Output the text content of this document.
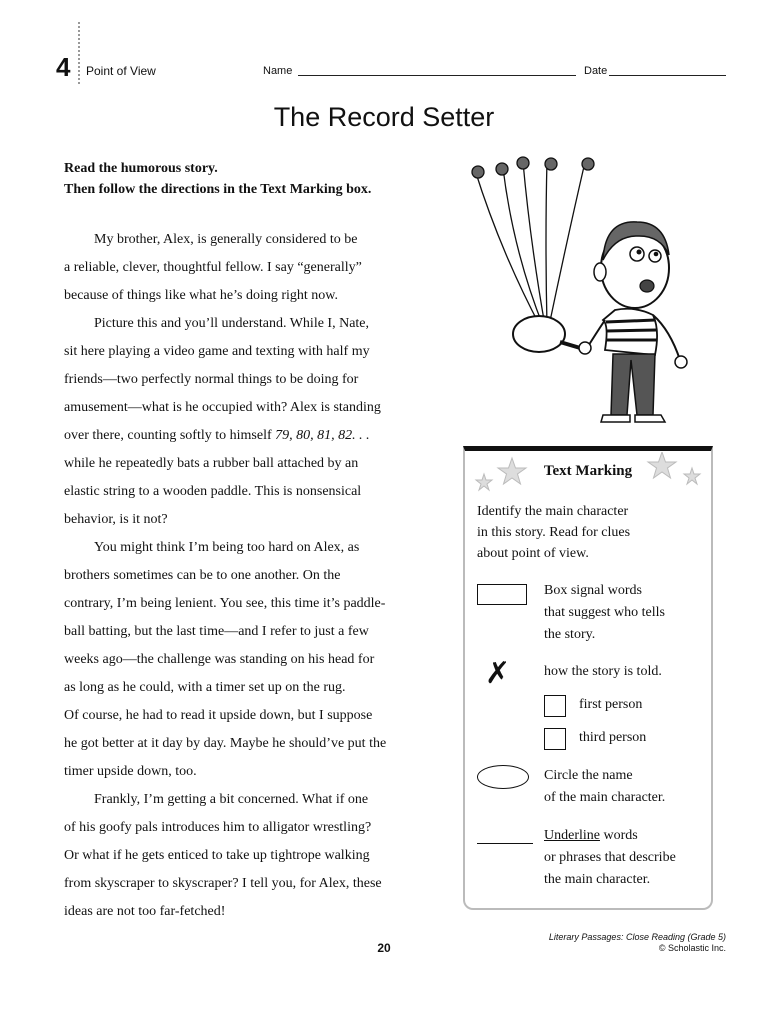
4 Point of View	Name	Date
The Record Setter
Read the humorous story.
Then follow the directions in the Text Marking box.
My brother, Alex, is generally considered to be
a reliable, clever, thoughtful fellow. I say “generally”
because of things like what he’s doing right now.
Picture this and you’ll understand. While I, Nate,
sit here playing a video game and texting with half my
friends—two perfectly normal things to be doing for
amusement—what is he occupied with? Alex is standing
over there, counting softly to himself 79, 80, 81, 82. . .
while he repeatedly bats a rubber ball attached by an
elastic string to a wooden paddle. This is nonsensical
behavior, is it not?
You might think I’m being too hard on Alex, as
brothers sometimes can be to one another. On the
contrary, I’m being lenient. You see, this time it’s paddle-
ball batting, but the last time—and I refer to just a few
weeks ago—the challenge was standing on his head for
as long as he could, with a timer set up on the rug.
Of course, he had to read it upside down, but I suppose
he got better at it day by day. Maybe he should’ve put the
timer upside down, too.
Frankly, I’m getting a bit concerned. What if one
of his goofy pals introduces him to alligator wrestling?
Or what if he gets enticed to take up tightrope walking
from skyscraper to skyscraper? I tell you, for Alex, these
ideas are not too far-fetched!
Text Marking
Identify the main character
in this story. Read for clues
about point of view.
Box signal words
that suggest who tells
the story.
✗ how the story is told.
first person
third person
Circle the name
of the main character.
Underline words
or phrases that describe
the main character.
20
Literary Passages: Close Reading (Grade 5)
© Scholastic Inc.
